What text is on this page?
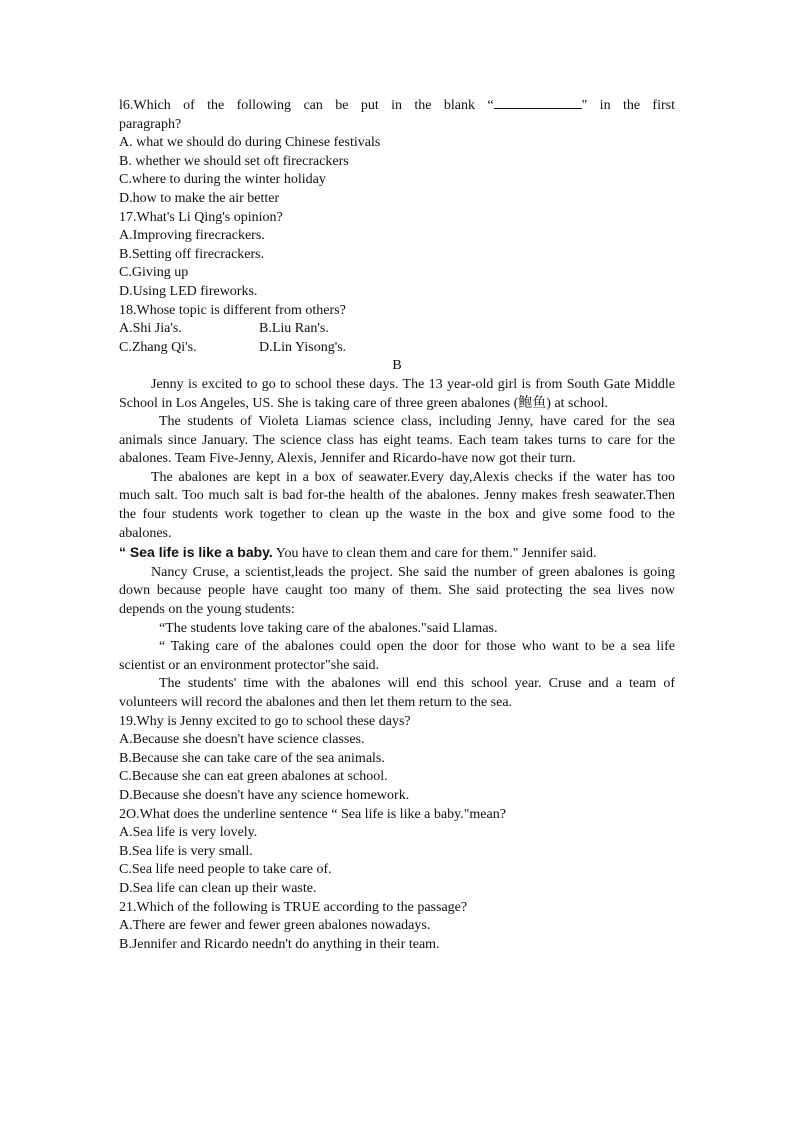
l6.Which of the following can be put in the blank “	" in the first
paragraph?
A. what we should do during Chinese festivals
B. whether we should set oft firecrackers
C.where to during the winter holiday
D.how to make the air better
17.What's Li Qing's opinion?
A.Improving firecrackers.
B.Setting off firecrackers.
C.Giving up
D.Using LED fireworks.
18.Whose topic is different from others?
A.Shi Jia's.	B.Liu Ran's.
C.Zhang Qi's.	D.Lin Yisong's.
B
Jenny is excited to go to school these days. The 13 year-old girl is from South Gate Middle School in Los Angeles, US. She is taking care of three green abalones (鲍鱼) at school.
The students of Violeta Liamas science class, including Jenny, have cared for the sea animals since January. The science class has eight teams. Each team takes turns to care for the abalones. Team Five-Jenny, Alexis, Jennifer and Ricardo-have now got their turn.
The abalones are kept in a box of seawater.Every day,Alexis checks if the water has too much salt. Too much salt is bad for-the health of the abalones. Jenny makes fresh seawater.Then the four students work together to clean up the waste in the box and give some food to the abalones.
“ Sea life is like a baby. You have to clean them and care for them." Jennifer said.
Nancy Cruse, a scientist,leads the project. She said the number of green abalones is going down because people have caught too many of them. She said protecting the sea lives now depends on the young students:
“The students love taking care of the abalones."said Llamas.
“ Taking care of the abalones could open the door for those who want to be a sea life scientist or an environment protector"she said.
The students' time with the abalones will end this school year. Cruse and a team of volunteers will record the abalones and then let them return to the sea.
19.Why is Jenny excited to go to school these days?
A.Because she doesn't have science classes.
B.Because she can take care of the sea animals.
C.Because she can eat green abalones at school.
D.Because she doesn't have any science homework.
2O.What does the underline sentence “ Sea life is like a baby."mean?
A.Sea life is very lovely.
B.Sea life is very small.
C.Sea life need people to take care of.
D.Sea life can clean up their waste.
21.Which of the following is TRUE according to the passage?
A.There are fewer and fewer green abalones nowadays.
B.Jennifer and Ricardo needn't do anything in their team.
